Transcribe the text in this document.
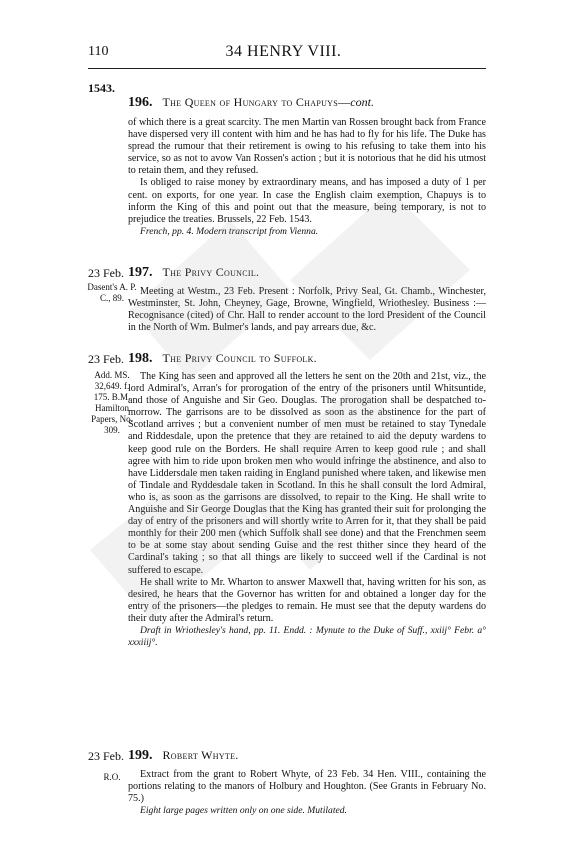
110	34 HENRY VIII.
1543.
196. The Queen of Hungary to Chapuys—cont.
of which there is a great scarcity. The men Martin van Rossen brought back from France have dispersed very ill content with him and he has had to fly for his life. The Duke has spread the rumour that their retirement is owing to his refusing to take them into his service, so as not to avow Van Rossen's action ; but it is notorious that he did his utmost to retain them, and they refused.
Is obliged to raise money by extraordinary means, and has imposed a duty of 1 per cent. on exports, for one year. In case the English claim exemption, Chapuys is to inform the King of this and point out that the measure, being temporary, is not to prejudice the treaties. Brussels, 22 Feb. 1543.
French, pp. 4. Modern transcript from Vienna.
23 Feb.
Dasent's A. P. C., 89.
197. The Privy Council.
Meeting at Westm., 23 Feb. Present : Norfolk, Privy Seal, Gt. Chamb., Winchester, Westminster, St. John, Cheyney, Gage, Browne, Wingfield, Wriothesley. Business :—Recognisance (cited) of Chr. Hall to render account to the lord President of the Council in the North of Wm. Bulmer's lands, and pay arrears due, &c.
23 Feb.
Add. MS. 32,649. f. 175. B.M. Hamilton Papers, No. 309.
198. The Privy Council to Suffolk.
The King has seen and approved all the letters he sent on the 20th and 21st, viz., the lord Admiral's, Arran's for prorogation of the entry of the prisoners until Whitsuntide, and those of Anguishe and Sir Geo. Douglas. The prorogation shall be despatched to-morrow. The garrisons are to be dissolved as soon as the abstinence for the part of Scotland arrives ; but a convenient number of men must be retained to stay Tynedale and Riddesdale, upon the pretence that they are retained to aid the deputy wardens to keep good rule on the Borders. He shall require Arren to keep good rule ; and shall agree with him to ride upon broken men who would infringe the abstinence, and also to have Liddersdale men taken raiding in England punished where taken, and likewise men of Tindale and Ryddesdale taken in Scotland. In this he shall consult the lord Admiral, who is, as soon as the garrisons are dissolved, to repair to the King. He shall write to Anguishe and Sir George Douglas that the King has granted their suit for prolonging the day of entry of the prisoners and will shortly write to Arren for it, that they shall be paid monthly for their 200 men (which Suffolk shall see done) and that the Frenchmen seem to be at some stay about sending Guise and the rest thither since they heard of the Cardinal's taking ; so that all things are likely to succeed well if the Cardinal is not suffered to escape.
He shall write to Mr. Wharton to answer Maxwell that, having written for his son, as desired, he hears that the Governor has written for and obtained a longer day for the entry of the prisoners—the pledges to remain. He must see that the deputy wardens do their duty after the Admiral's return.
Draft in Wriothesley's hand, pp. 11. Endd. : Mynute to the Duke of Suff., xxiij° Febr. a° xxxiiij°.
23 Feb.
R.O.
199. Robert Whyte.
Extract from the grant to Robert Whyte, of 23 Feb. 34 Hen. VIII., containing the portions relating to the manors of Holbury and Houghton. (See Grants in February No. 75.)
Eight large pages written only on one side. Mutilated.
